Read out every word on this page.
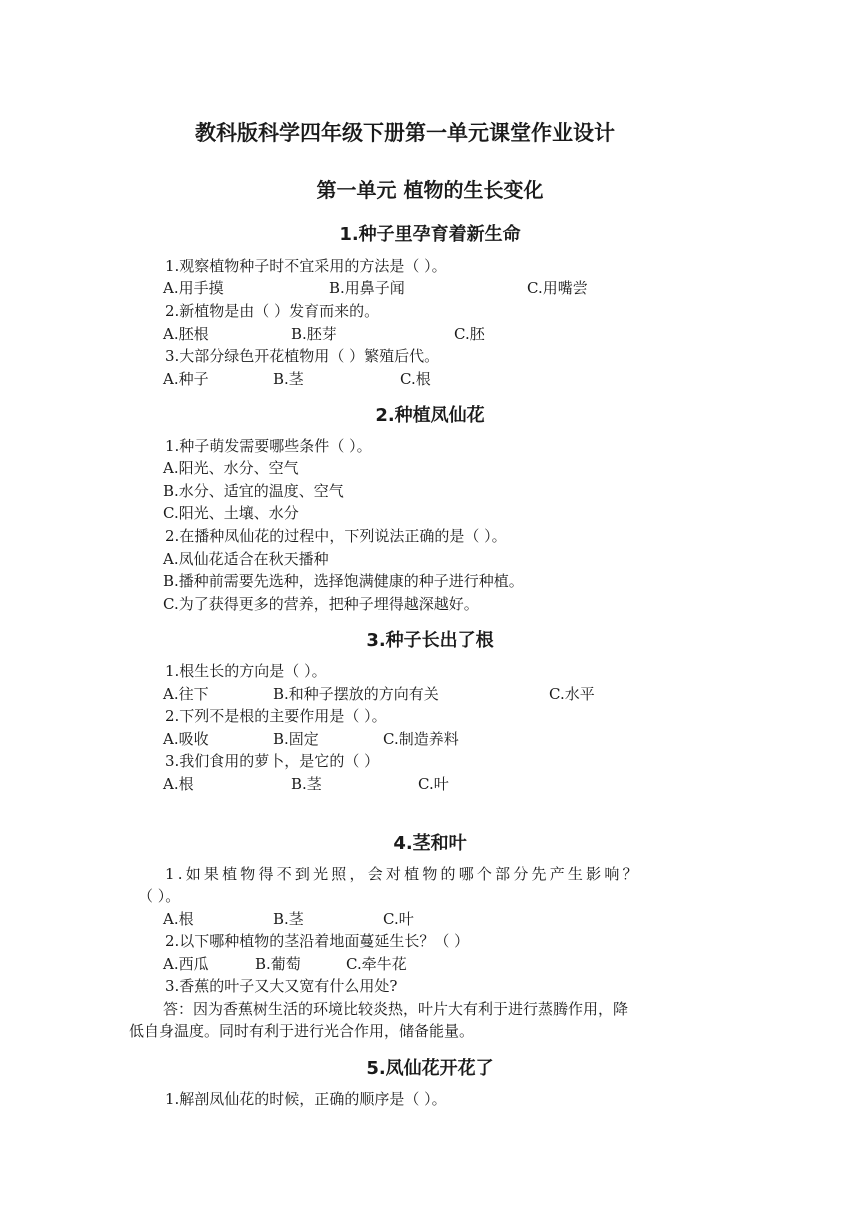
教科版科学四年级下册第一单元课堂作业设计
第一单元 植物的生长变化
1.种子里孕育着新生命
1.观察植物种子时不宜采用的方法是（ ）。
A.用手摸	B.用鼻子闻	C.用嘴尝
2.新植物是由（ ）发育而来的。
A.胚根	B.胚芽	C.胚
3.大部分绿色开花植物用（ ）繁殖后代。
A.种子	B.茎	C.根
2.种植凤仙花
1.种子萌发需要哪些条件（ ）。
A.阳光、水分、空气
B.水分、适宜的温度、空气
C.阳光、土壤、水分
2.在播种凤仙花的过程中，下列说法正确的是（ ）。
A.凤仙花适合在秋天播种
B.播种前需要先选种，选择饱满健康的种子进行种植。
C.为了获得更多的营养，把种子埋得越深越好。
3.种子长出了根
1.根生长的方向是（ ）。
A.往下	B.和种子摆放的方向有关	C.水平
2.下列不是根的主要作用是（ ）。
A.吸收	B.固定	C.制造养料
3.我们食用的萝卜，是它的（ ）
A.根	B.茎	C.叶
4.茎和叶
1.如果植物得不到光照，会对植物的哪个部分先产生影响？
（ ）。
A.根	B.茎	C.叶
2.以下哪种植物的茎沿着地面蔓延生长？（ ）
A.西瓜	B.葡萄	C.牵牛花
3.香蕉的叶子又大又宽有什么用处?
答：因为香蕉树生活的环境比较炎热，叶片大有利于进行蒸腾作用，降
低自身温度。同时有利于进行光合作用，储备能量。
5.凤仙花开花了
1.解剖凤仙花的时候，正确的顺序是（ ）。
